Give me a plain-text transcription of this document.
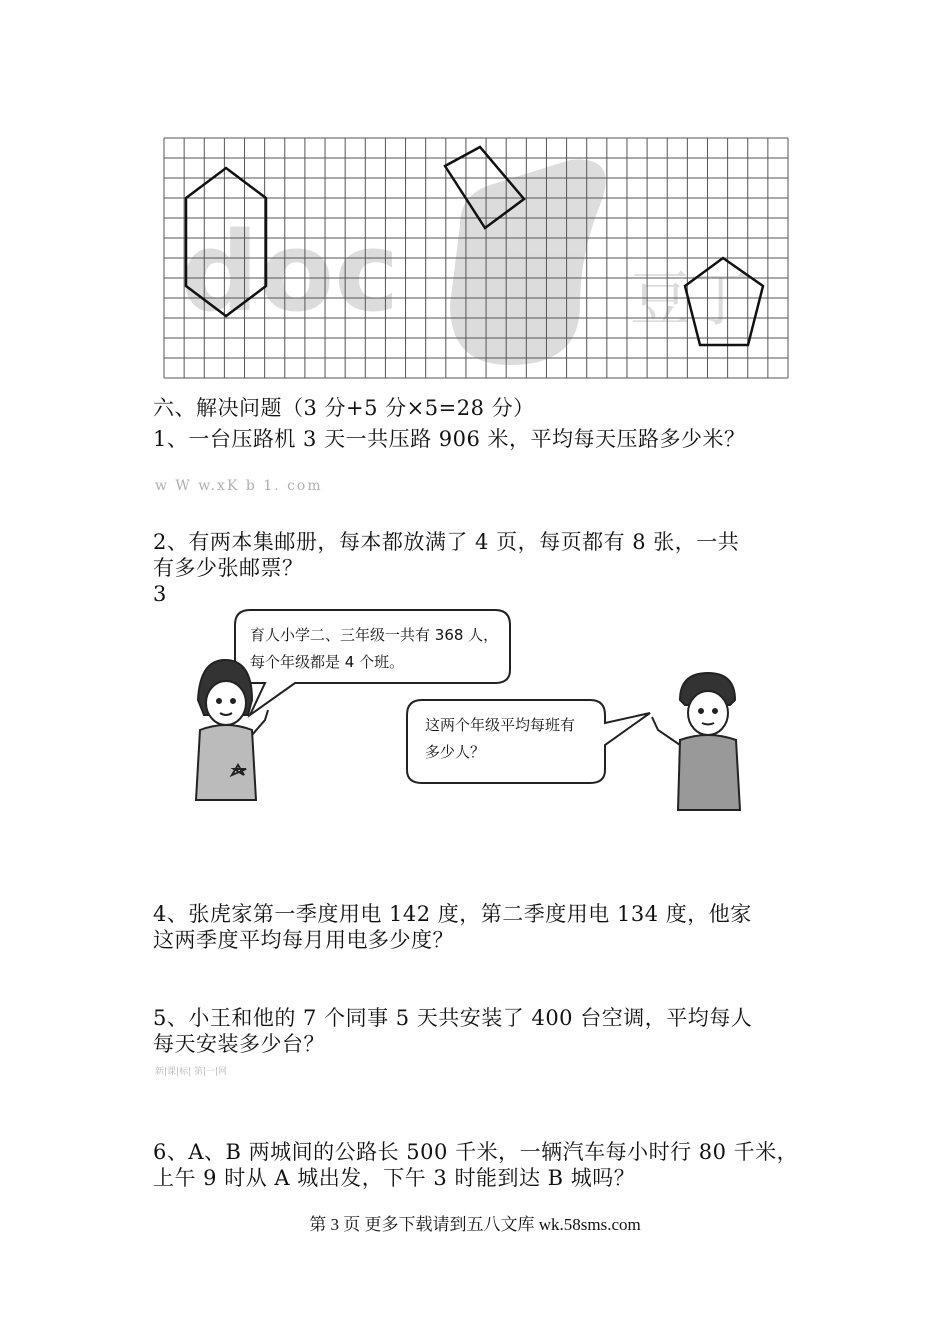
doc	豆丁
六、解决问题（3 分+5 分×5=28 分）
1、一台压路机 3 天一共压路 906 米，平均每天压路多少米？
w W w.xK b 1. com
2、有两本集邮册，每本都放满了 4 页，每页都有 8 张，一共
有多少张邮票？
3
育人小学二、三年级一共有 368 人，
每个年级都是 4 个班。
这两个年级平均每班有
多少人？
4、张虎家第一季度用电 142 度，第二季度用电 134 度，他家
这两季度平均每月用电多少度？
5、小王和他的 7 个同事 5 天共安装了 400 台空调，平均每人
每天安装多少台？
新|课|标| 第|一|网
6、A、B 两城间的公路长 500 千米，一辆汽车每小时行 80 千米，
上午 9 时从 A 城出发，下午 3 时能到达 B 城吗？
第 3 页 更多下载请到五八文库 wk.58sms.com
